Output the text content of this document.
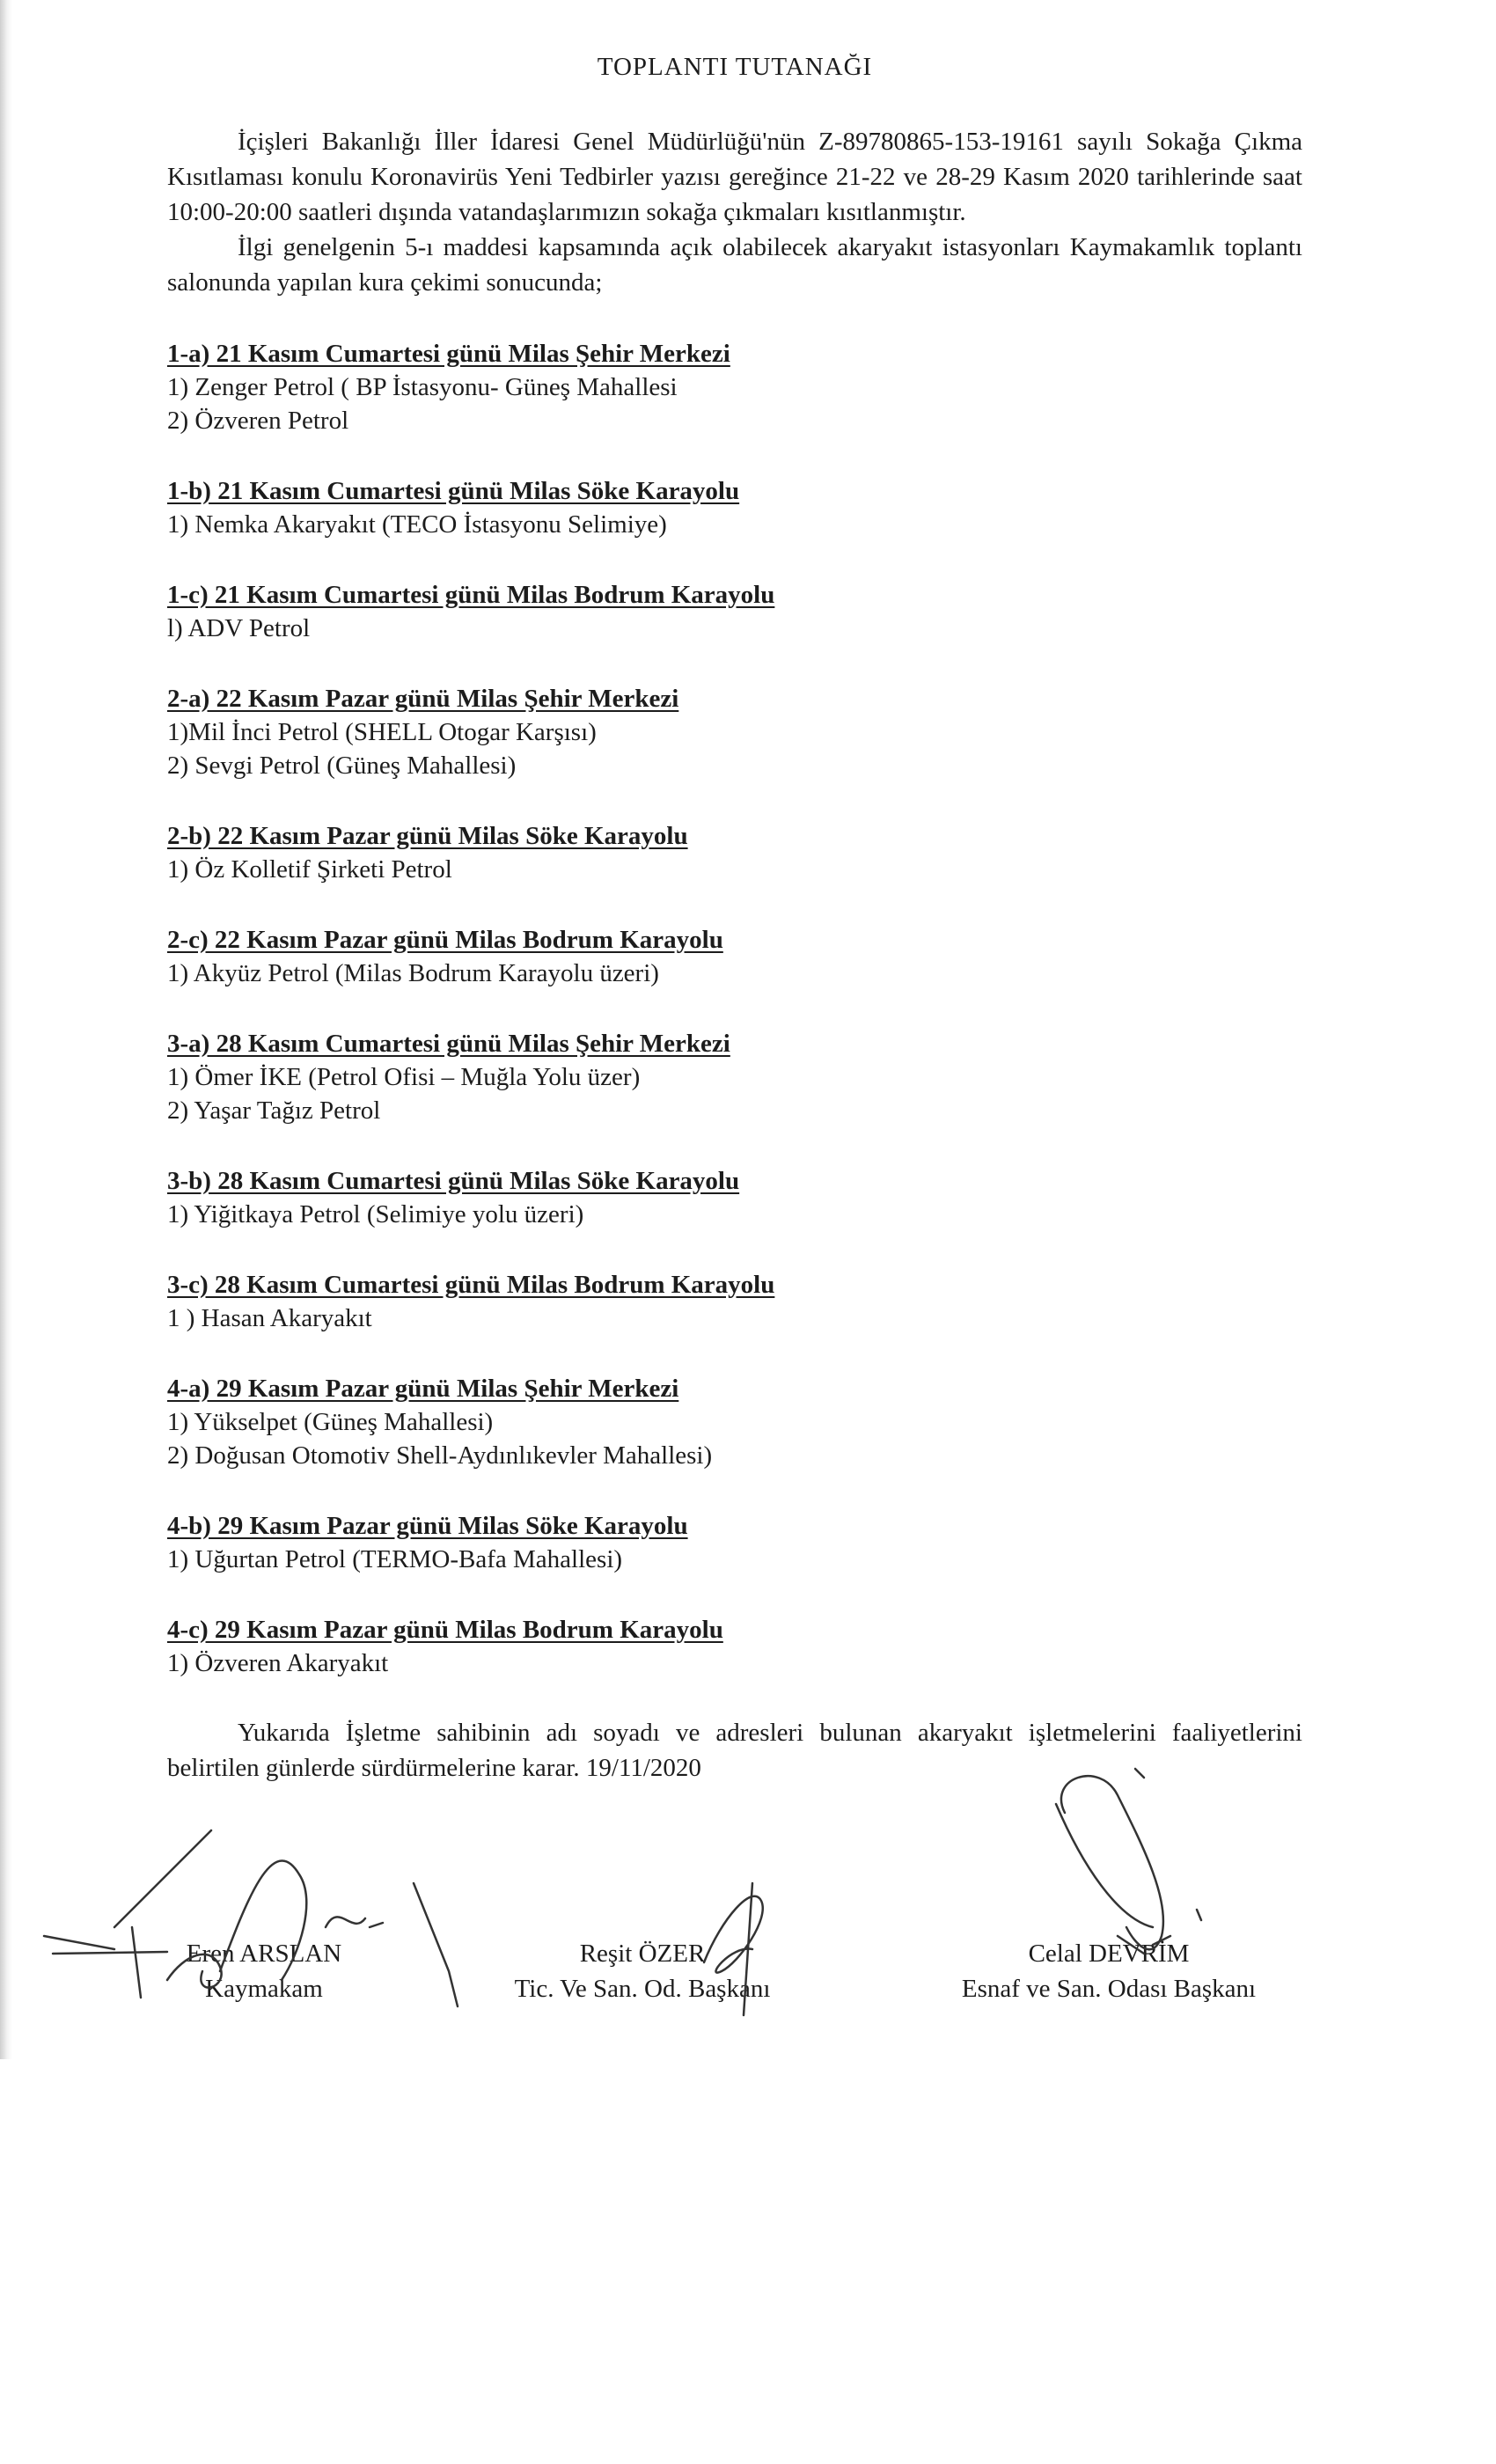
TOPLANTI TUTANAĞI

İçişleri Bakanlığı İller İdaresi Genel Müdürlüğü'nün Z-89780865-153-19161 sayılı Sokağa Çıkma Kısıtlaması konulu Koronavirüs Yeni Tedbirler yazısı gereğince 21-22 ve 28-29 Kasım 2020 tarihlerinde saat 10:00-20:00 saatleri dışında vatandaşlarımızın sokağa çıkmaları kısıtlanmıştır.

İlgi genelgenin 5-ı maddesi kapsamında açık olabilecek akaryakıt istasyonları Kaymakamlık toplantı salonunda yapılan kura çekimi sonucunda;

1-a) 21 Kasım Cumartesi günü Milas Şehir Merkezi
1) Zenger Petrol ( BP İstasyonu- Güneş Mahallesi
2) Özveren Petrol
1-b) 21 Kasım Cumartesi günü Milas Söke Karayolu
1) Nemka Akaryakıt (TECO İstasyonu Selimiye)
1-c) 21 Kasım Cumartesi günü Milas Bodrum Karayolu
l) ADV Petrol
2-a) 22 Kasım Pazar günü Milas Şehir Merkezi
1)Mil İnci Petrol (SHELL Otogar Karşısı)
2) Sevgi Petrol (Güneş Mahallesi)
2-b) 22 Kasım Pazar günü Milas Söke Karayolu
1) Öz Kolletif Şirketi Petrol
2-c) 22 Kasım Pazar günü Milas Bodrum Karayolu
1) Akyüz Petrol (Milas Bodrum Karayolu üzeri)
3-a) 28 Kasım Cumartesi günü Milas Şehir Merkezi
1) Ömer İKE (Petrol Ofisi – Muğla Yolu üzer)
2) Yaşar Tağız Petrol
3-b) 28 Kasım Cumartesi günü Milas Söke Karayolu
1) Yiğitkaya Petrol (Selimiye yolu üzeri)
3-c) 28 Kasım Cumartesi günü Milas Bodrum Karayolu
1 ) Hasan Akaryakıt
4-a) 29 Kasım Pazar günü Milas Şehir Merkezi
1) Yükselpet (Güneş Mahallesi)
2) Doğusan Otomotiv Shell-Aydınlıkevler Mahallesi)
4-b) 29 Kasım Pazar günü Milas Söke Karayolu
1) Uğurtan Petrol (TERMO-Bafa Mahallesi)
4-c) 29 Kasım Pazar günü Milas Bodrum Karayolu
1) Özveren Akaryakıt

Yukarıda İşletme sahibinin adı soyadı ve adresleri bulunan akaryakıt işletmelerini faaliyetlerini belirtilen günlerde sürdürmelerine karar. 19/11/2020

Eren ARSLAN
Kaymakam
Reşit ÖZER
Tic. Ve San. Od. Başkanı
Celal DEVRİM
Esnaf ve San. Odası Başkanı
